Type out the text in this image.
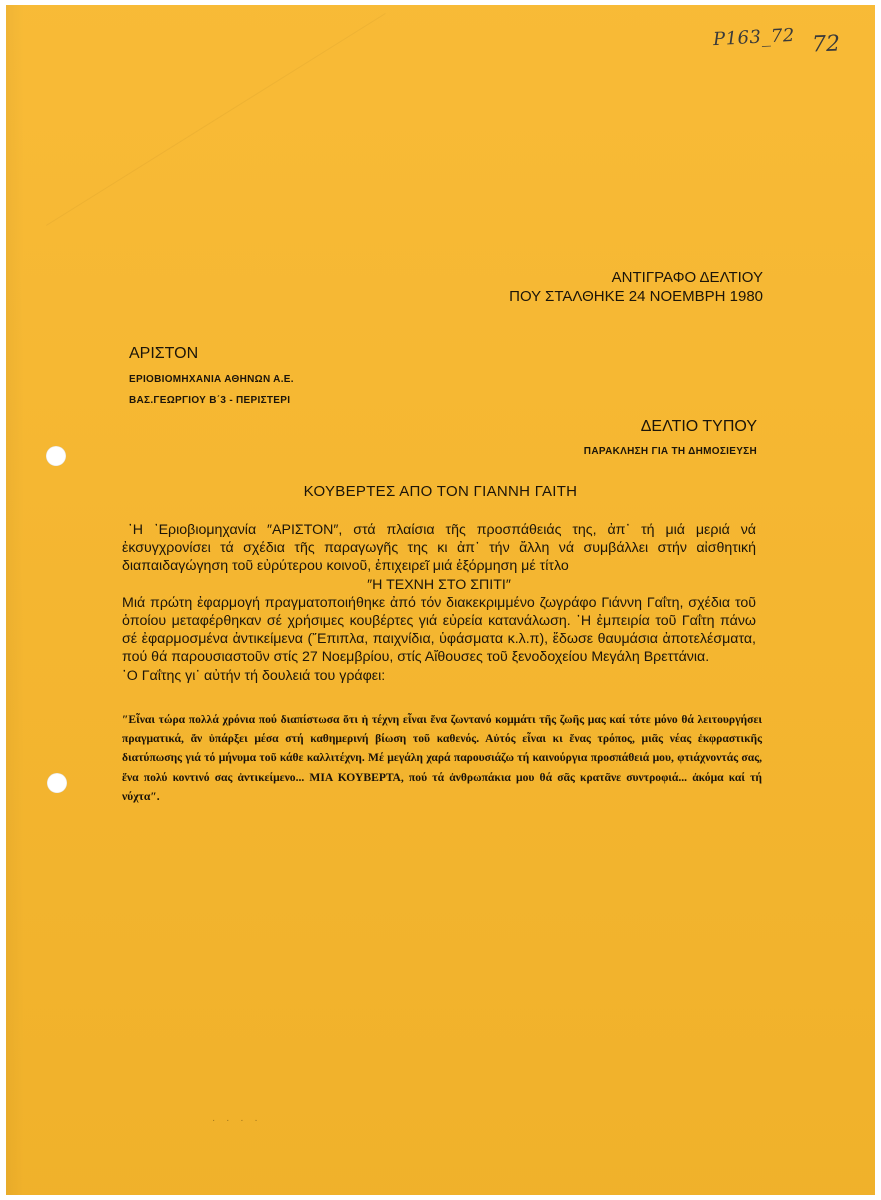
P163_72 72
ΑΝΤΙΓΡΑΦΟ ΔΕΛΤΙΟΥ
ΠΟΥ ΣΤΑΛΘΗΚΕ 24 ΝΟΕΜΒΡΗ 1980
ΑΡΙΣΤΟΝ
ΕΡΙΟΒΙΟΜΗΧΑΝΙΑ ΑΘΗΝΩΝ Α.Ε.
ΒΑΣ.ΓΕΩΡΓΙΟΥ Β΄3 - ΠΕΡΙΣΤΕΡΙ
ΔΕΛΤΙΟ ΤΥΠΟΥ
ΠΑΡΑΚΛΗΣΗ ΓΙΑ ΤΗ ΔΗΜΟΣΙΕΥΣΗ
ΚΟΥΒΕΡΤΕΣ ΑΠΟ ΤΟΝ ΓΙΑΝΝΗ ΓΑΙΤΗ

῾Η ᾿Εριοβιομηχανία ″ΑΡΙΣΤΟΝ″, στά πλαίσια τῆς προσπάθειάς της, ἀπ᾿ τή μιά μεριά νά ἐκσυγχρονίσει τά σχέδια τῆς παραγωγῆς της κι ἀπ᾿ τήν ἄλλη νά συμβάλλει στήν αἰσθητική διαπαιδαγώγηση τοῦ εὐρύτερου κοινοῦ, ἐπιχειρεῖ μιά ἐξόρμηση μέ τίτλο

″Η ΤΕΧΝΗ ΣΤΟ ΣΠΙΤΙ″

Μιά πρώτη ἐφαρμογή πραγματοποιήθηκε ἀπό τόν διακεκριμμένο ζωγράφο Γιάννη Γαΐτη, σχέδια τοῦ ὁποίου μεταφέρθηκαν σέ χρήσιμες κουβέρτες γιά εὐρεία κατανάλωση. ῾Η ἐμπειρία τοῦ Γαΐτη πάνω σέ ἐφαρμοσμένα ἀντικείμενα (῎Επιπλα, παιχνίδια, ὑφάσματα κ.λ.π), ἔδωσε θαυμάσια ἀποτελέσματα, πού θά παρουσιαστοῦν στίς 27 Νοεμβρίου, στίς Αἴθουσες τοῦ ξενοδοχείου Μεγάλη Βρεττάνια.

῾Ο Γαΐτης γι᾿ αὐτήν τή δουλειά του γράφει:

″Εἶναι τώρα πολλά χρόνια πού διαπίστωσα ὅτι ἡ τέχνη εἶναι ἕνα ζωντανό κομμάτι τῆς ζωῆς μας καί τότε μόνο θά λειτουργήσει πραγματικά, ἄν ὑπάρξει μέσα στή καθημερινή βίωση τοῦ καθενός. Αὐτός εἶναι κι ἕνας τρόπος, μιᾶς νέας ἐκφραστικῆς διατύπωσης γιά τό μήνυμα τοῦ κάθε καλλιτέχνη. Μέ μεγάλη χαρά παρουσιάζω τή καινούργια προσπάθειά μου, φτιάχνοντάς σας, ἕνα πολύ κοντινό σας ἀντικείμενο... ΜΙΑ ΚΟΥΒΕΡΤΑ, πού τά ἀνθρωπάκια μου θά σᾶς κρατᾶνε συντροφιά... ἀκόμα καί τή νύχτα″.
· · · ·
